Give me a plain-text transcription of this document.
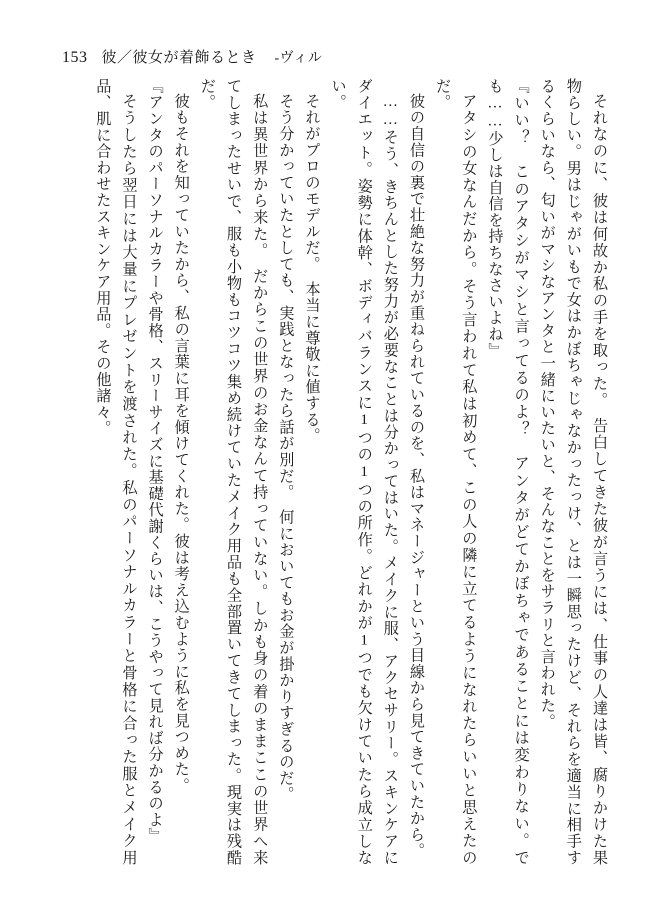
153 彼／彼女が着飾るとき -ヴィル

それなのに、彼は何故か私の手を取った。　告白してきた彼が言うには、仕事の人達は皆、腐りかけた果物らしい。男はじゃがいもで女はかぼちゃじゃなかったっけ、とは一瞬思ったけど、それらを適当に相手するくらいなら、匂いがマシなアンタと一緒にいたいと、そんなことをサラリと言われた。

『いい？　このアタシがマシと言ってるのよ？　アンタがどてかぼちゃであることには変わりない。でも……少しは自信を持ちなさいよね』

アタシの女なんだから。そう言われて私は初めて、この人の隣に立てるようになれたらいいと思えたのだ。

彼の自信の裏で壮絶な努力が重ねられているのを、私はマネージャーという目線から見てきていたから。

……そう、きちんとした努力が必要なことは分かってはいた。メイクに服、アクセサリー。スキンケアにダイエット。姿勢に体幹、ボディバランスに1つの1つの所作。どれかが1つでも欠けていたら成立しない。

それがプロのモデルだ。　本当に尊敬に値する。

そう分かっていたとしても、実践となったら話が別だ。　何においてもお金が掛かりすぎるのだ。

私は異世界から来た。　だからこの世界のお金なんて持っていない。しかも身の着のままここの世界へ来てしまったせいで、服も小物もコツコツ集め続けていたメイク用品も全部置いてきてしまった。現実は残酷だ。

彼もそれを知っていたから、私の言葉に耳を傾けてくれた。彼は考え込むように私を見つめた。

『アンタのパーソナルカラーや骨格、スリーサイズに基礎代謝くらいは、こうやって見れば分かるのよ』

そうしたら翌日には大量にプレゼントを渡された。私のパーソナルカラーと骨格に合った服とメイク用品、肌に合わせたスキンケア用品。その他諸々。
